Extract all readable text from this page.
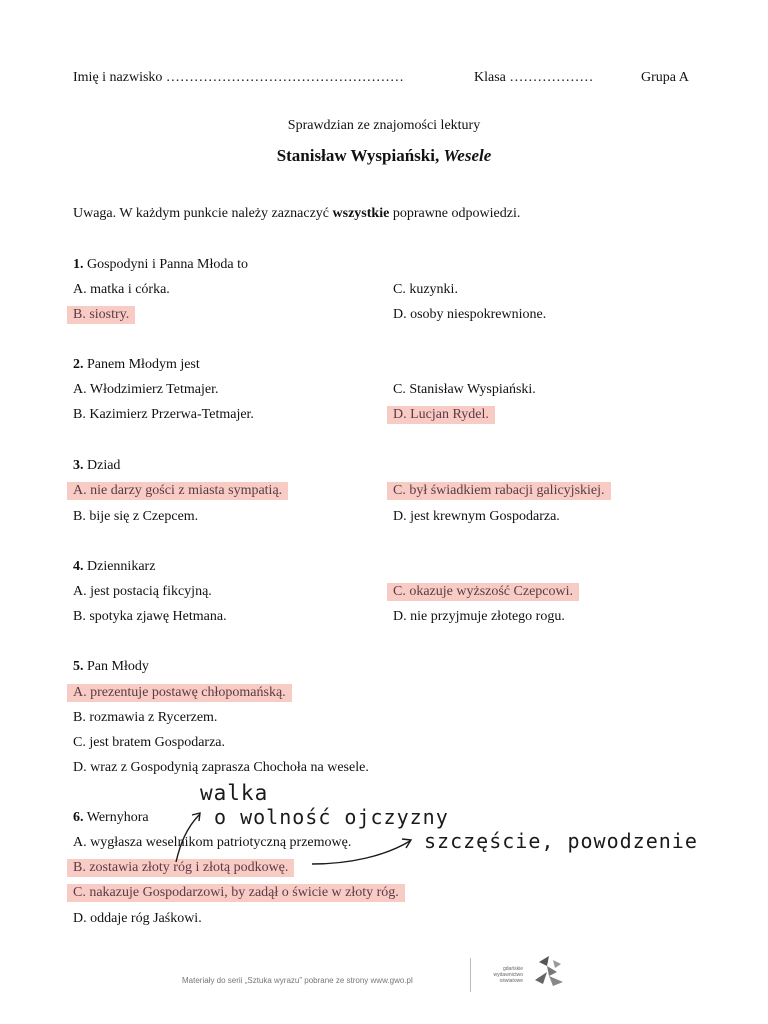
Imię i nazwisko ……………………………………………	Klasa ………………	Grupa A
Sprawdzian ze znajomości lektury
Stanisław Wyspiański, Wesele
Uwaga. W każdym punkcie należy zaznaczyć wszystkie poprawne odpowiedzi.
1. Gospodyni i Panna Młoda to
A. matka i córka.	C. kuzynki.
B. siostry.	D. osoby niespokrewnione.
2. Panem Młodym jest
A. Włodzimierz Tetmajer.	C. Stanisław Wyspiański.
B. Kazimierz Przerwa-Tetmajer.	D. Lucjan Rydel.
3. Dziad
A. nie darzy gości z miasta sympatią.	C. był świadkiem rabacji galicyjskiej.
B. bije się z Czepcem.	D. jest krewnym Gospodarza.
4. Dziennikarz
A. jest postacią fikcyjną.	C. okazuje wyższość Czepcowi.
B. spotyka zjawę Hetmana.	D. nie przyjmuje złotego rogu.
5. Pan Młody
A. prezentuje postawę chłopomańską.
B. rozmawia z Rycerzem.
C. jest bratem Gospodarza.
D. wraz z Gospodynią zaprasza Chochoła na wesele.
6. Wernyhora
A. wygłasza weselnikom patriotyczną przemowę.
B. zostawia złoty róg i złotą podkowę.
C. nakazuje Gospodarzowi, by zadął o świcie w złoty róg.
D. oddaje róg Jaśkowi.
walka
o wolność ojczyzny
szczęście, powodzenie
Materiały do serii „Sztuka wyrazu” pobrane ze strony www.gwo.pl
gdańskie
wydawnictwo
oświatowe
